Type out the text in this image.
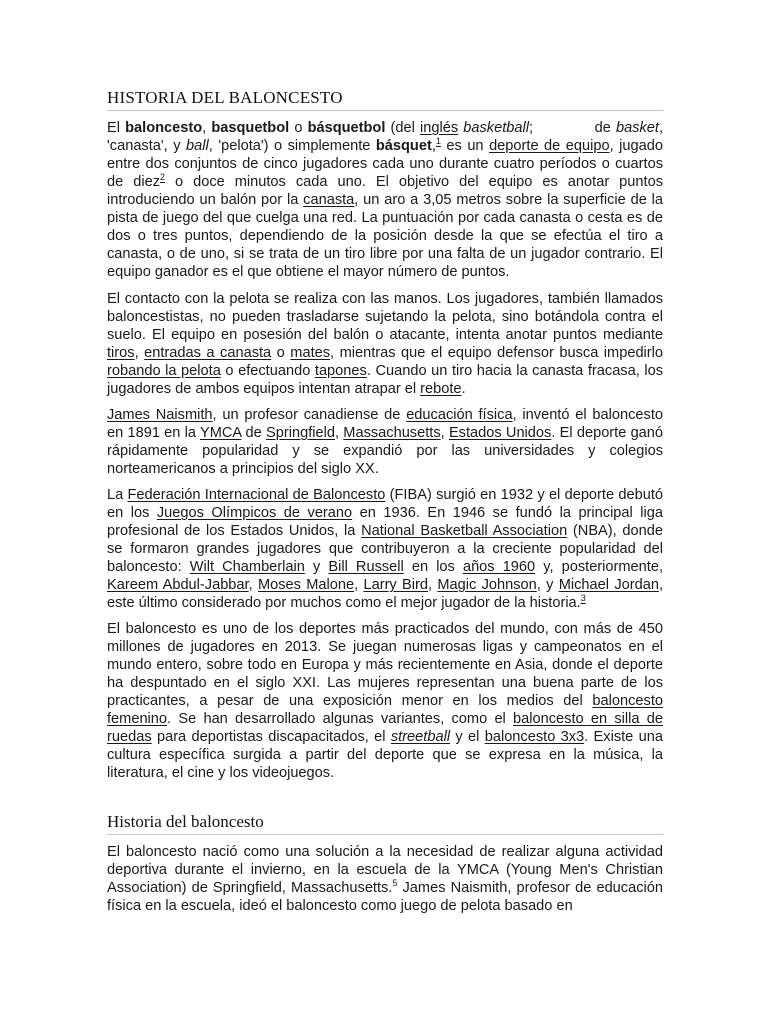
HISTORIA DEL BALONCESTO

El baloncesto, basquetbol o básquetbol (del inglés basketball;            de basket, 'canasta', y ball, 'pelota') o simplemente básquet,$^1$ es un deporte de equipo, jugado entre dos conjuntos de cinco jugadores cada uno durante cuatro períodos o cuartos de diez$^2$ o doce minutos cada uno. El objetivo del equipo es anotar puntos introduciendo un balón por la canasta, un aro a 3,05 metros sobre la superficie de la pista de juego del que cuelga una red. La puntuación por cada canasta o cesta es de dos o tres puntos, dependiendo de la posición desde la que se efectúa el tiro a canasta, o de uno, si se trata de un tiro libre por una falta de un jugador contrario. El equipo ganador es el que obtiene el mayor número de puntos.

El contacto con la pelota se realiza con las manos. Los jugadores, también llamados baloncestistas, no pueden trasladarse sujetando la pelota, sino botándola contra el suelo. El equipo en posesión del balón o atacante, intenta anotar puntos mediante tiros, entradas a canasta o mates, mientras que el equipo defensor busca impedirlo robando la pelota o efectuando tapones. Cuando un tiro hacia la canasta fracasa, los jugadores de ambos equipos intentan atrapar el rebote.

James Naismith, un profesor canadiense de educación física, inventó el baloncesto en 1891 en la YMCA de Springfield, Massachusetts, Estados Unidos. El deporte ganó rápidamente popularidad y se expandió por las universidades y colegios norteamericanos a principios del siglo XX.

La Federación Internacional de Baloncesto (FIBA) surgió en 1932 y el deporte debutó en los Juegos Olímpicos de verano en 1936. En 1946 se fundó la principal liga profesional de los Estados Unidos, la National Basketball Association (NBA), donde se formaron grandes jugadores que contribuyeron a la creciente popularidad del baloncesto: Wilt Chamberlain y Bill Russell en los años 1960 y, posteriormente, Kareem Abdul-Jabbar, Moses Malone, Larry Bird, Magic Johnson, y Michael Jordan, este último considerado por muchos como el mejor jugador de la historia.$^3$

El baloncesto es uno de los deportes más practicados del mundo, con más de 450 millones de jugadores en 2013. Se juegan numerosas ligas y campeonatos en el mundo entero, sobre todo en Europa y más recientemente en Asia, donde el deporte ha despuntado en el siglo XXI. Las mujeres representan una buena parte de los practicantes, a pesar de una exposición menor en los medios del baloncesto femenino. Se han desarrollado algunas variantes, como el baloncesto en silla de ruedas para deportistas discapacitados, el streetball y el baloncesto 3x3. Existe una cultura específica surgida a partir del deporte que se expresa en la música, la literatura, el cine y los videojuegos.

Historia del baloncesto

El baloncesto nació como una solución a la necesidad de realizar alguna actividad deportiva durante el invierno, en la escuela de la YMCA (Young Men's Christian Association) de Springfield, Massachusetts.$^5$ James Naismith, profesor de educación física en la escuela, ideó el baloncesto como juego de pelota basado en
